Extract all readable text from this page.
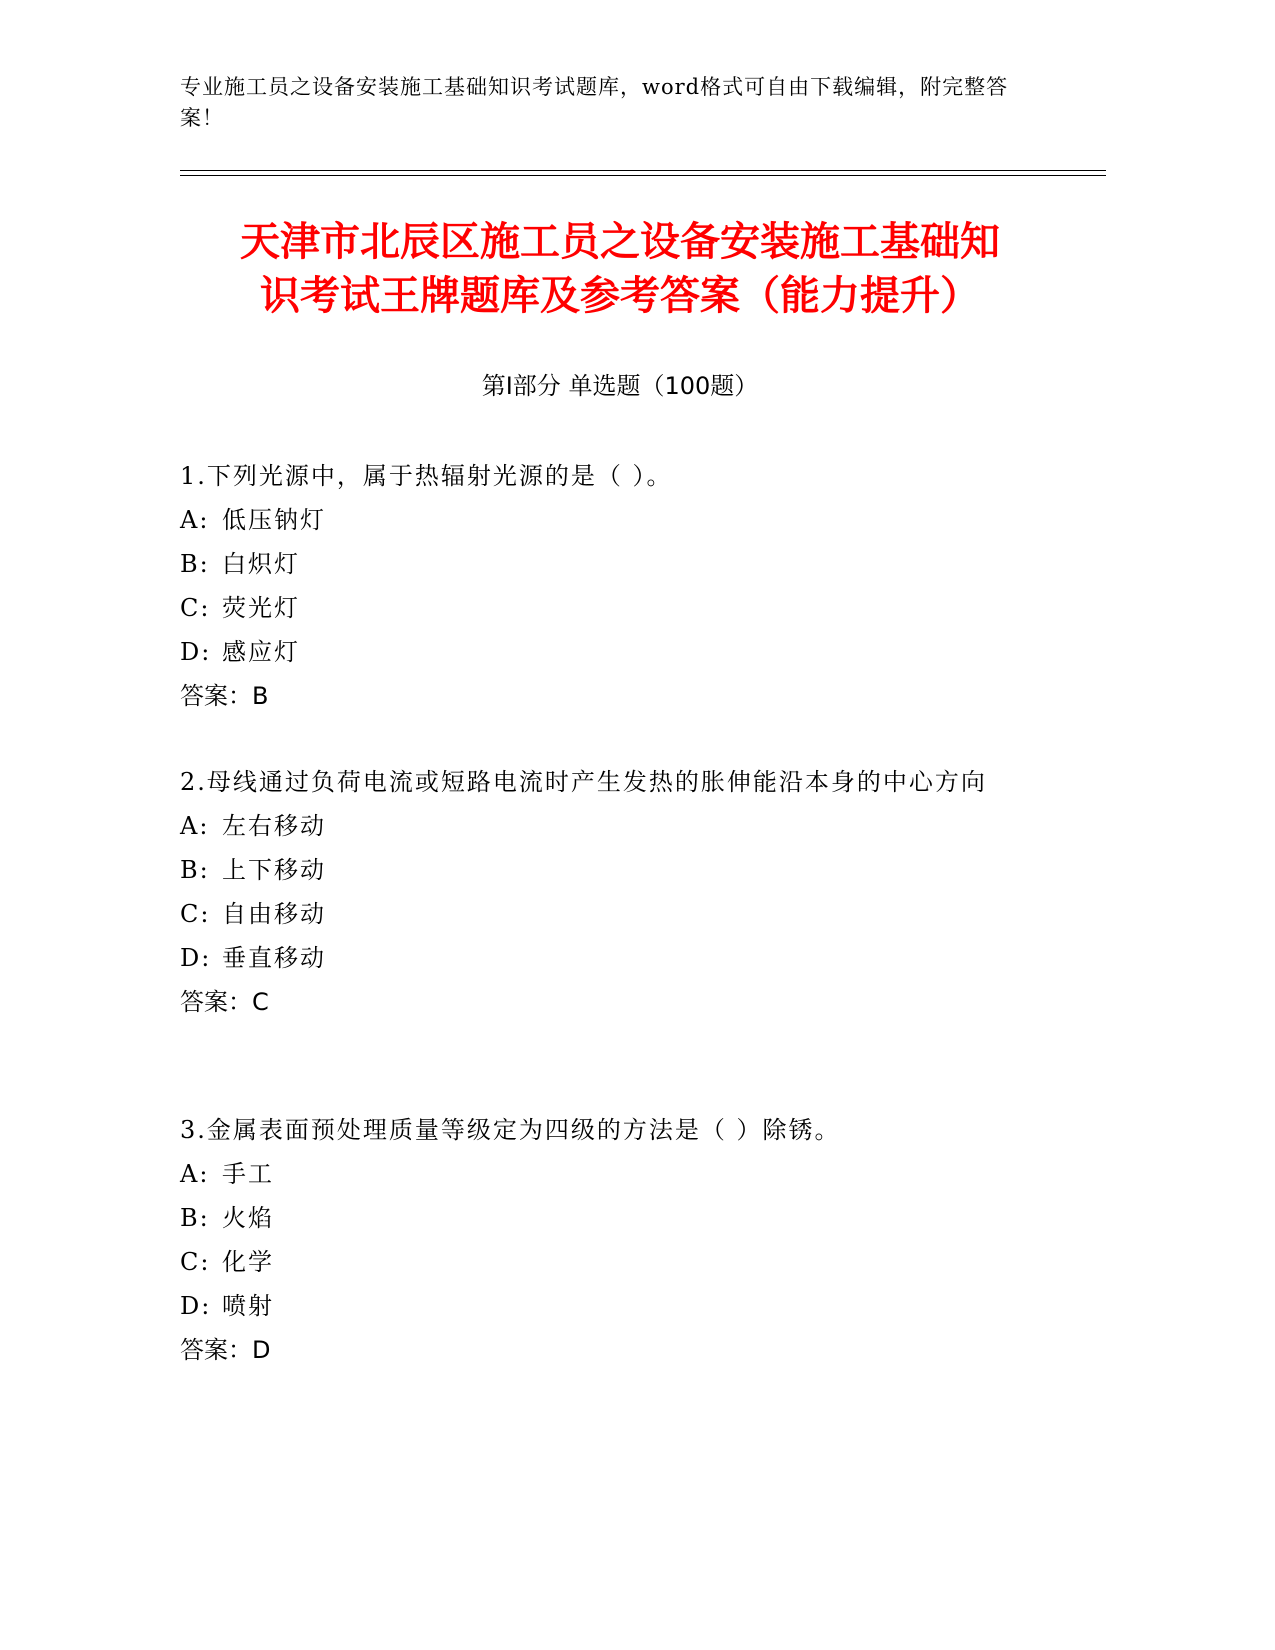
专业施工员之设备安装施工基础知识考试题库，word格式可自由下载编辑，附完整答案！
天津市北辰区施工员之设备安装施工基础知
识考试王牌题库及参考答案（能力提升）
第Ⅰ部分 单选题（100题）

1.下列光源中，属于热辐射光源的是（ ）。

A: 低压钠灯

B: 白炽灯

C: 荧光灯

D: 感应灯

答案：B

2.母线通过负荷电流或短路电流时产生发热的胀伸能沿本身的中心方向

A: 左右移动

B: 上下移动

C: 自由移动

D: 垂直移动

答案：C

3.金属表面预处理质量等级定为四级的方法是（ ）除锈。

A: 手工

B: 火焰

C: 化学

D: 喷射

答案：D
